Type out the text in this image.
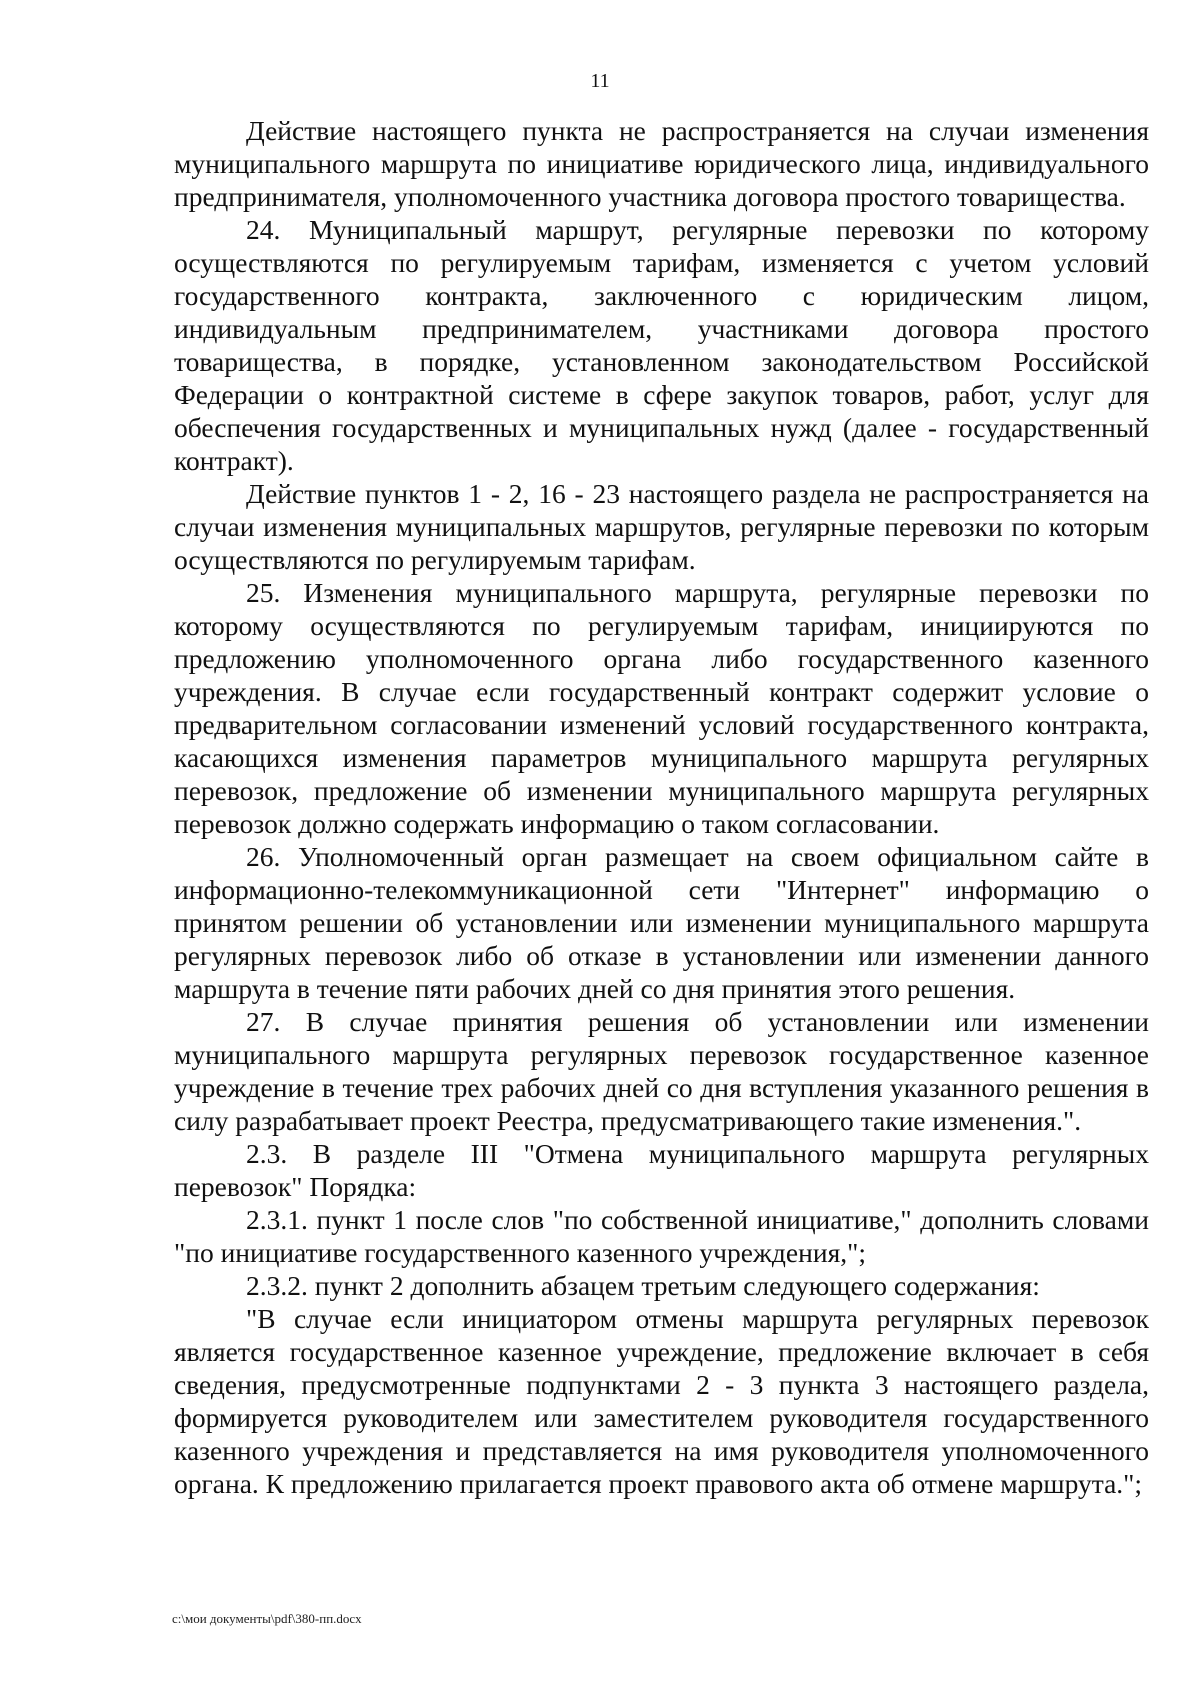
11

Действие настоящего пункта не распространяется на случаи изменения муниципального маршрута по инициативе юридического лица, индивидуального предпринимателя, уполномоченного участника договора простого товарищества.

24. Муниципальный маршрут, регулярные перевозки по которому осуществляются по регулируемым тарифам, изменяется с учетом условий государственного контракта, заключенного с юридическим лицом, индивидуальным предпринимателем, участниками договора простого товарищества, в порядке, установленном законодательством Российской Федерации о контрактной системе в сфере закупок товаров, работ, услуг для обеспечения государственных и муниципальных нужд (далее - государственный контракт).

Действие пунктов 1 - 2, 16 - 23 настоящего раздела не распространяется на случаи изменения муниципальных маршрутов, регулярные перевозки по которым осуществляются по регулируемым тарифам.

25. Изменения муниципального маршрута, регулярные перевозки по которому осуществляются по регулируемым тарифам, инициируются по предложению уполномоченного органа либо государственного казенного учреждения. В случае если государственный контракт содержит условие о предварительном согласовании изменений условий государственного контракта, касающихся изменения параметров муниципального маршрута регулярных перевозок, предложение об изменении муниципального маршрута регулярных перевозок должно содержать информацию о таком согласовании.

26. Уполномоченный орган размещает на своем официальном сайте в информационно-телекоммуникационной сети "Интернет" информацию о принятом решении об установлении или изменении муниципального маршрута регулярных перевозок либо об отказе в установлении или изменении данного маршрута в течение пяти рабочих дней со дня принятия этого решения.

27. В случае принятия решения об установлении или изменении муниципального маршрута регулярных перевозок государственное казенное учреждение в течение трех рабочих дней со дня вступления указанного решения в силу разрабатывает проект Реестра, предусматривающего такие изменения.".

2.3. В разделе III "Отмена муниципального маршрута регулярных перевозок" Порядка:

2.3.1. пункт 1 после слов "по собственной инициативе," дополнить словами "по инициативе государственного казенного учреждения,";

2.3.2. пункт 2 дополнить абзацем третьим следующего содержания:

"В случае если инициатором отмены маршрута регулярных перевозок является государственное казенное учреждение, предложение включает в себя сведения, предусмотренные подпунктами 2 - 3 пункта 3 настоящего раздела, формируется руководителем или заместителем руководителя государственного казенного учреждения и представляется на имя руководителя уполномоченного органа. К предложению прилагается проект правового акта об отмене маршрута.";

c:\мои документы\pdf\380-пп.docx
